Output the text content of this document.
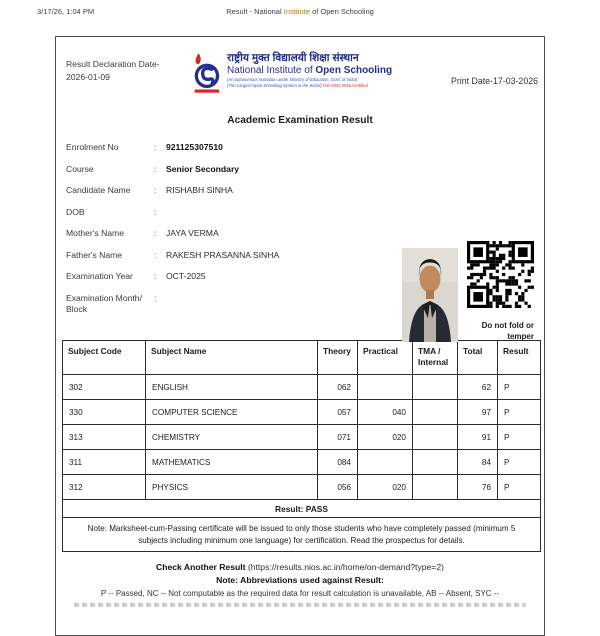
3/17/26, 1:04 PM	Result - National Institute of Open Schooling
Result Declaration Date-
2026-01-09
राष्ट्रीय मुक्त विद्यालयी शिक्षा संस्थान
National Institute of Open Schooling
(An autonomous institution under Ministry of Education, Govt. of India)
(The Largest Open Schooling System in the World) ISO 9001:2015 Certified	Print Date-17-03-2026
Academic Examination Result
Enrolment No	:	921125307510
Course	:	Senior Secondary
Candidate Name	:	RISHABH SINHA
DOB	:
Mother's Name	:	JAYA VERMA
Father's Name	:	RAKESH PRASANNA SINHA
Examination Year	:	OCT-2025
Examination Month/ Block
:
Do not fold or temper
Subject Code	Subject Name	Theory	Practical	TMA / Internal	Total	Result
302	ENGLISH	062			62	P
330	COMPUTER SCIENCE	057	040		97	P
313	CHEMISTRY	071	020		91	P
311	MATHEMATICS	084			84	P
312	PHYSICS	056	020		76	P
Result: PASS						
Note: Marksheet-cum-Passing certificate will be issued to only those students who have completely passed (minimum 5 subjects including minimum one language) for certification. Read the prospectus for details.						
Check Another Result (https://results.nios.ac.in/home/on-demand?type=2)
Note: Abbreviations used against Result:
P -- Passed, NC -- Not computable as the required data for result calculation is unavailable, AB -- Absent, SYC --
